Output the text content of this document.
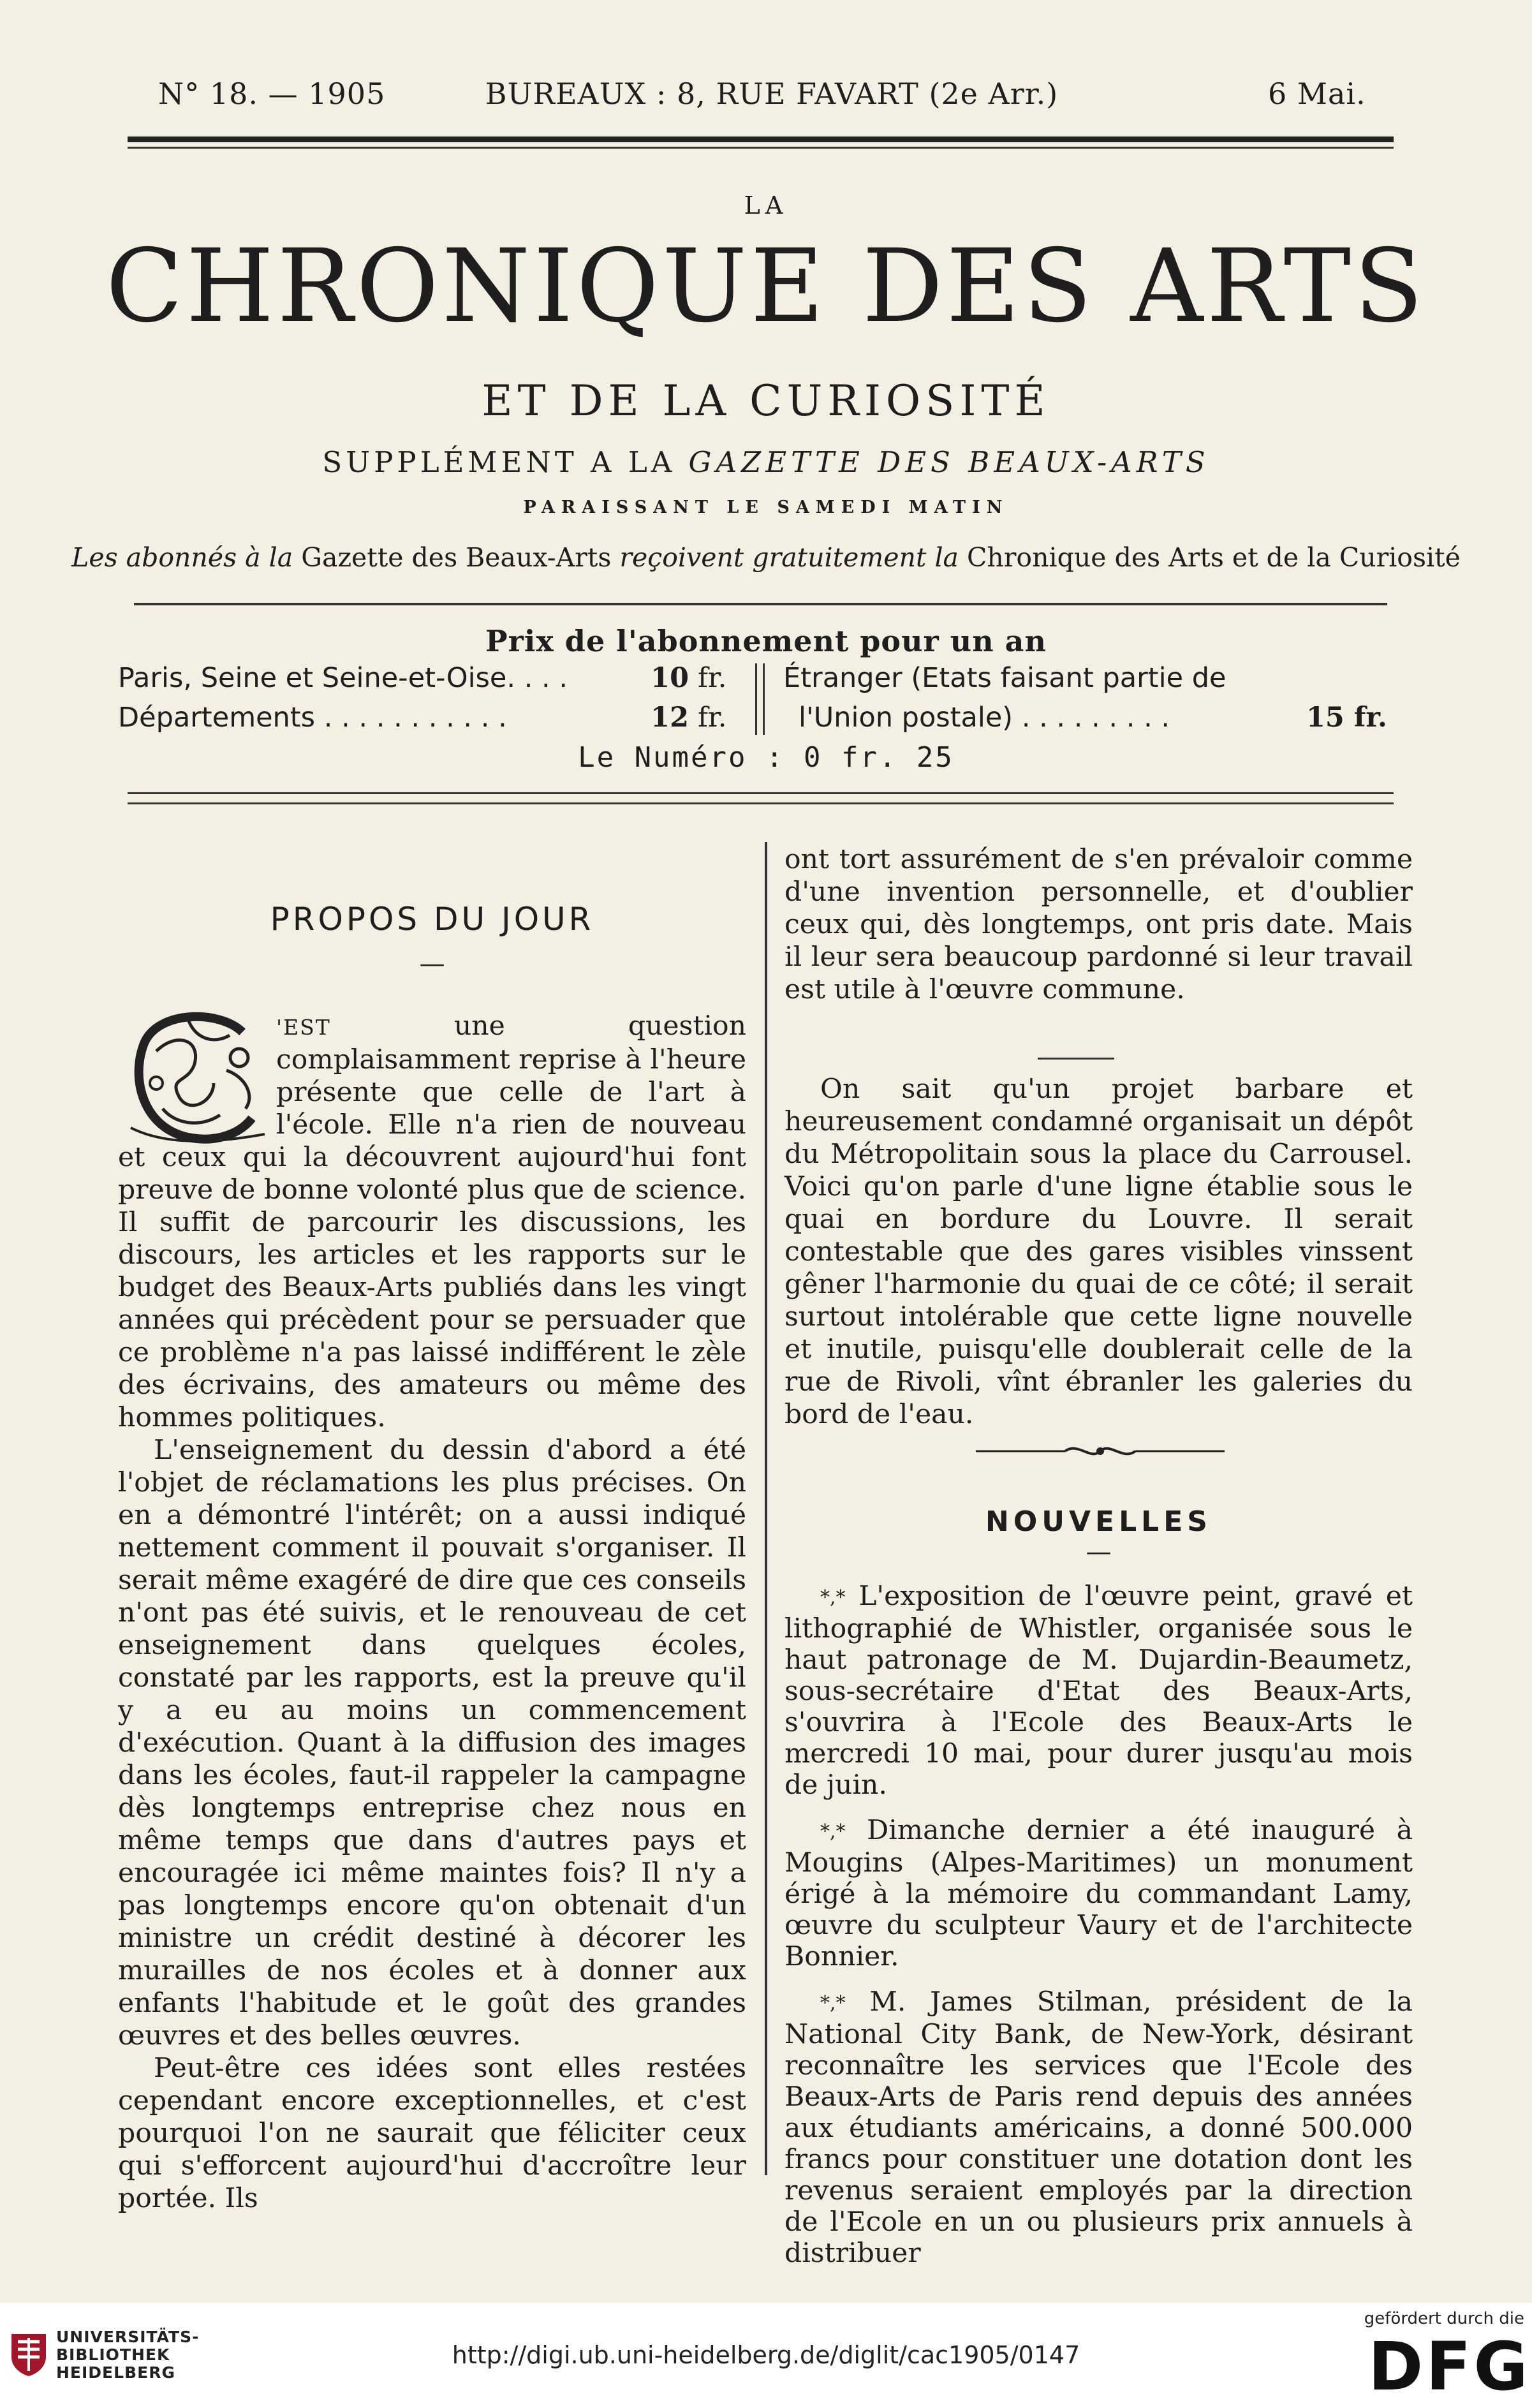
N° 18. — 1905	BUREAUX : 8, RUE FAVART (2e Arr.)	6 Mai.
LA
CHRONIQUE DES ARTS
ET DE LA CURIOSITÉ
SUPPLÉMENT A LA GAZETTE DES BEAUX-ARTS
PARAISSANT LE SAMEDI MATIN
Les abonnés à la Gazette des Beaux-Arts reçoivent gratuitement la Chronique des Arts et de la Curiosité
Prix de l'abonnement pour un an
Paris, Seine et Seine-et-Oise. . . .	10 fr.
Départements . . . . . . . . . . .	12 fr.
Étranger (Etats faisant partie de
l'Union postale) . . . . . . . . .	15 fr.
Le Numéro : 0 fr. 25
PROPOS DU JOUR
—

'EST une question complaisamment reprise à l'heure présente que celle de l'art à l'école. Elle n'a rien de nouveau et ceux qui la découvrent aujourd'hui font preuve de bonne volonté plus que de science. Il suffit de parcourir les discussions, les discours, les articles et les rapports sur le budget des Beaux-Arts publiés dans les vingt années qui précèdent pour se persuader que ce problème n'a pas laissé indifférent le zèle des écrivains, des amateurs ou même des hommes politiques.

L'enseignement du dessin d'abord a été l'objet de réclamations les plus précises. On en a démontré l'intérêt; on a aussi indiqué nettement comment il pouvait s'organiser. Il serait même exagéré de dire que ces conseils n'ont pas été suivis, et le renouveau de cet enseignement dans quelques écoles, constaté par les rapports, est la preuve qu'il y a eu au moins un commencement d'exécution. Quant à la diffusion des images dans les écoles, faut-il rappeler la campagne dès longtemps entreprise chez nous en même temps que dans d'autres pays et encouragée ici même maintes fois? Il n'y a pas longtemps encore qu'on obtenait d'un ministre un crédit destiné à décorer les murailles de nos écoles et à donner aux enfants l'habitude et le goût des grandes œuvres et des belles œuvres.

Peut-être ces idées sont elles restées cependant encore exceptionnelles, et c'est pourquoi l'on ne saurait que féliciter ceux qui s'efforcent aujourd'hui d'accroître leur portée. Ils

ont tort assurément de s'en prévaloir comme d'une invention personnelle, et d'oublier ceux qui, dès longtemps, ont pris date. Mais il leur sera beaucoup pardonné si leur travail est utile à l'œuvre commune.

On sait qu'un projet barbare et heureusement condamné organisait un dépôt du Métropolitain sous la place du Carrousel. Voici qu'on parle d'une ligne établie sous le quai en bordure du Louvre. Il serait contestable que des gares visibles vinssent gêner l'harmonie du quai de ce côté; il serait surtout intolérable que cette ligne nouvelle et inutile, puisqu'elle doublerait celle de la rue de Rivoli, vînt ébranler les galeries du bord de l'eau.

NOUVELLES
—

*,* L'exposition de l'œuvre peint, gravé et lithographié de Whistler, organisée sous le haut patronage de M. Dujardin-Beaumetz, sous-secrétaire d'Etat des Beaux-Arts, s'ouvrira à l'Ecole des Beaux-Arts le mercredi 10 mai, pour durer jusqu'au mois de juin.

*,* Dimanche dernier a été inauguré à Mougins (Alpes-Maritimes) un monument érigé à la mémoire du commandant Lamy, œuvre du sculpteur Vaury et de l'architecte Bonnier.

*,* M. James Stilman, président de la National City Bank, de New-York, désirant reconnaître les services que l'Ecole des Beaux-Arts de Paris rend depuis des années aux étudiants américains, a donné 500.000 francs pour constituer une dotation dont les revenus seraient employés par la direction de l'Ecole en un ou plusieurs prix annuels à distribuer

UNIVERSITÄTS-
BIBLIOTHEK
HEIDELBERG
http://digi.ub.uni-heidelberg.de/diglit/cac1905/0147
gefördert durch die
DFG
